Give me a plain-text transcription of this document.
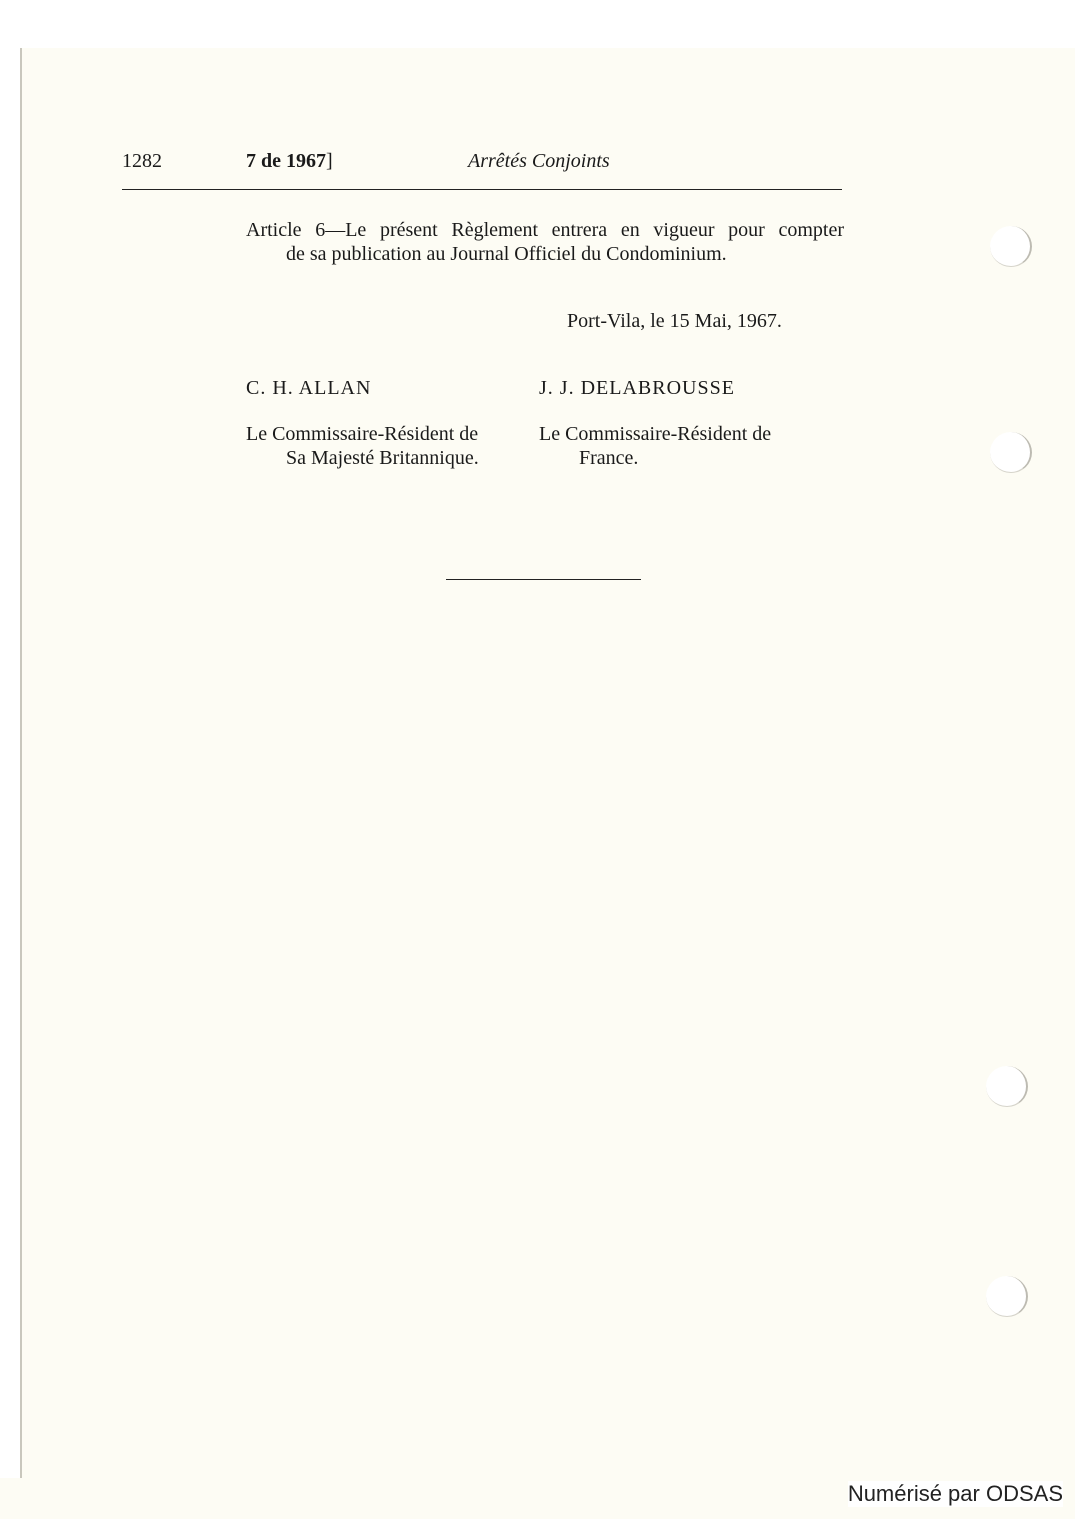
1282	7 de 1967]	Arrêtés Conjoints
Article 6—Le présent Règlement entrera en vigueur pour compter
de sa publication au Journal Officiel du Condominium.
Port-Vila, le 15 Mai, 1967.
C. H. ALLAN
Le Commissaire-Résident de
Sa Majesté Britannique.
J. J. DELABROUSSE
Le Commissaire-Résident de
France.
Numérisé par ODSAS
